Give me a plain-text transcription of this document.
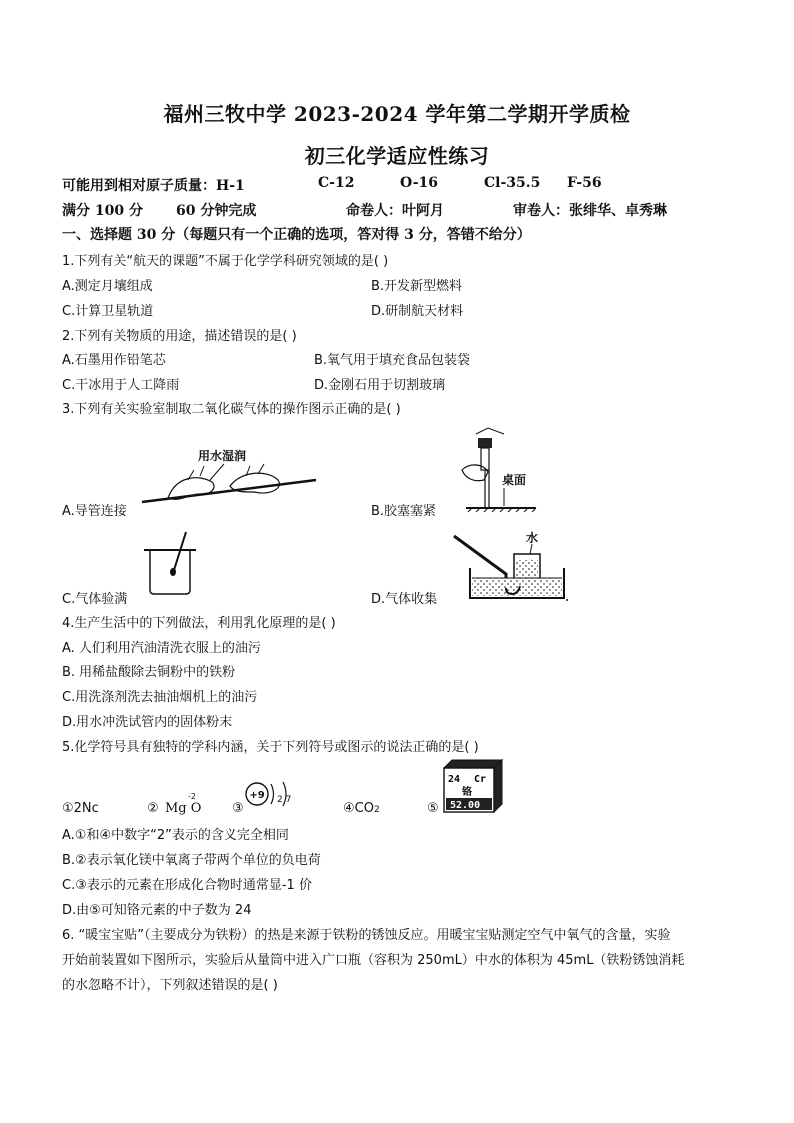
福州三牧中学 2023-2024 学年第二学期开学质检
初三化学适应性练习
可能用到相对原子质量：H-1	C-12	O-16	Cl-35.5 F-56
满分 100 分 60 分钟完成	命卷人：叶阿月	审卷人：张绯华、卓秀琳
一、选择题 30 分（每题只有一个正确的选项，答对得 3 分，答错不给分）
1.下列有关“航天的课题”不属于化学学科研究领域的是( )
A.测定月壤组成	B.开发新型燃料
C.计算卫星轨道	D.研制航天材料
2.下列有关物质的用途，描述错误的是( )
A.石墨用作铅笔芯	B.氧气用于填充食品包装袋
C.干冰用于人工降雨	D.金刚石用于切割玻璃
3.下列有关实验室制取二氧化碳气体的操作图示正确的是( )
用水湿润
A.导管连接
桌面
B.胶塞塞紧
C.气体验满
水
D.气体收集
4.生产生活中的下列做法，利用乳化原理的是( )
A. 人们利用汽油清洗衣服上的油污
B. 用稀盐酸除去铜粉中的铁粉
C.用洗涤剂洗去抽油烟机上的油污
D.用水冲洗试管内的固体粉末
5.化学符号具有独特的学科内涵，关于下列符号或图示的说法正确的是( )
①2Nc	② Mg O
-2
③
+9 2 7
④CO2	⑤
24 Cr
铬
52.00
A.①和④中数字“2”表示的含义完全相同
B.②表示氧化镁中氧离子带两个单位的负电荷
C.③表示的元素在形成化合物时通常显-1 价
D.由⑤可知铬元素的中子数为 24
6. “暖宝宝贴”（主要成分为铁粉）的热是来源于铁粉的锈蚀反应。用暖宝宝贴测定空气中氧气的含量，实验
开始前装置如下图所示，实验后从量筒中进入广口瓶（容积为 250mL）中水的体积为 45mL（铁粉锈蚀消耗
的水忽略不计），下列叙述错误的是( )
